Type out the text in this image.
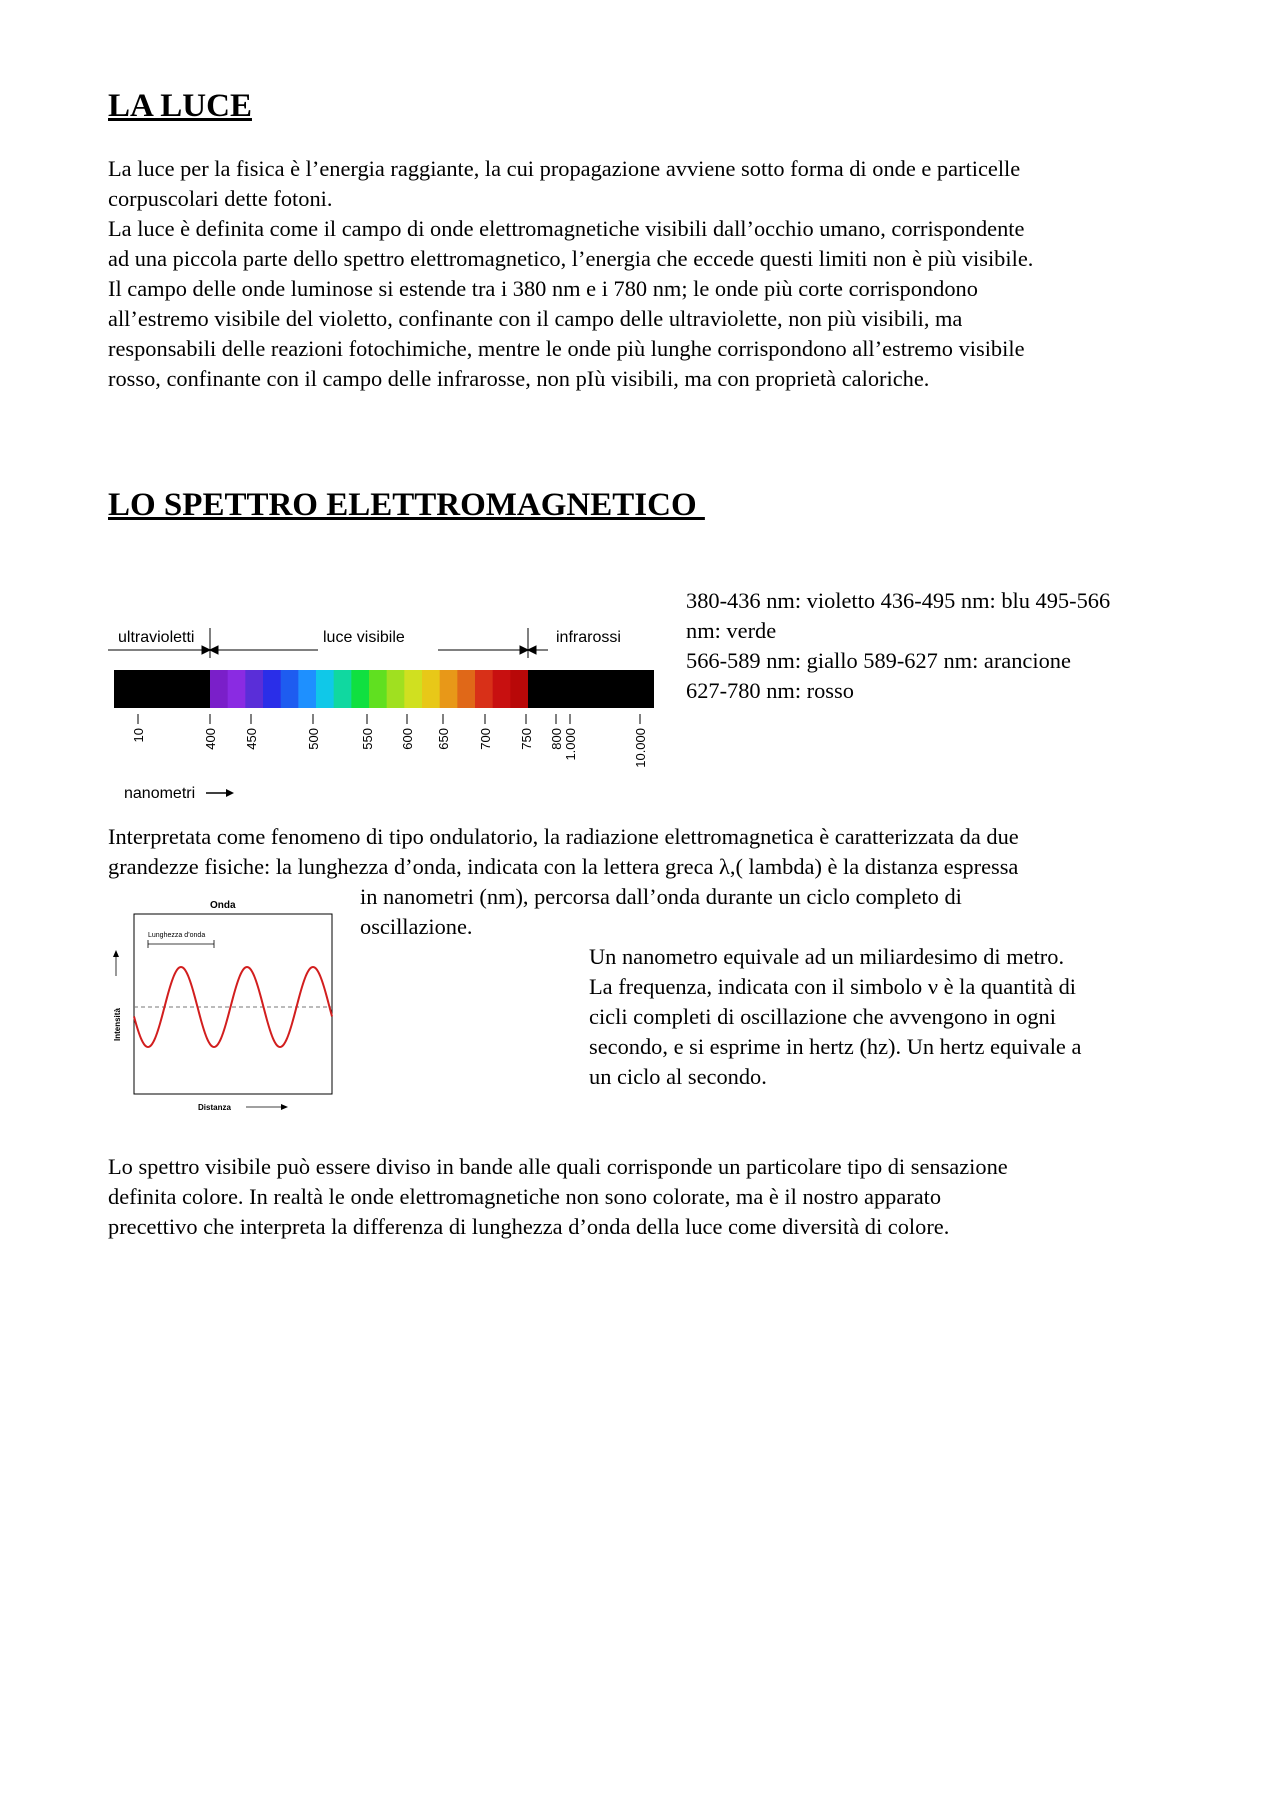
LA LUCE
La luce per la fisica è l’energia raggiante, la cui propagazione avviene sotto forma di onde e particelle
corpuscolari dette fotoni.
La luce è definita come il campo di onde elettromagnetiche visibili dall’occhio umano, corrispondente
ad una piccola parte dello spettro elettromagnetico, l’energia che eccede questi limiti non è più visibile.
Il campo delle onde luminose si estende tra i 380 nm e i 780 nm; le onde più corte corrispondono
all’estremo visibile del violetto, confinante con il campo delle ultraviolette, non più visibili, ma
responsabili delle reazioni fotochimiche, mentre le onde più lunghe corrispondono all’estremo visibile
rosso, confinante con il campo delle infrarosse, non pIù visibili, ma con proprietà caloriche.
LO SPETTRO ELETTROMAGNETICO
ultravioletti	luce visibile	infrarossi
10	400 450	500	550 600 650 700 750 800 1.000	10.000
nanometri
380-436 nm: violetto 436-495 nm: blu 495-566
nm: verde
566-589 nm: giallo 589-627 nm: arancione
627-780 nm: rosso
Interpretata come fenomeno di tipo ondulatorio, la radiazione elettromagnetica è caratterizzata da due
grandezze fisiche: la lunghezza d’onda, indicata con la lettera greca λ,( lambda) è la distanza espressa
Onda
Lunghezza d’onda
Intensità
Distanza
in nanometri (nm), percorsa dall’onda durante un ciclo completo di
oscillazione.
Un nanometro equivale ad un miliardesimo di metro.
La frequenza, indicata con il simbolo ν è la quantità di
cicli completi di oscillazione che avvengono in ogni
secondo, e si esprime in hertz (hz). Un hertz equivale a
un ciclo al secondo.
Lo spettro visibile può essere diviso in bande alle quali corrisponde un particolare tipo di sensazione
definita colore. In realtà le onde elettromagnetiche non sono colorate, ma è il nostro apparato
precettivo che interpreta la differenza di lunghezza d’onda della luce come diversità di colore.
